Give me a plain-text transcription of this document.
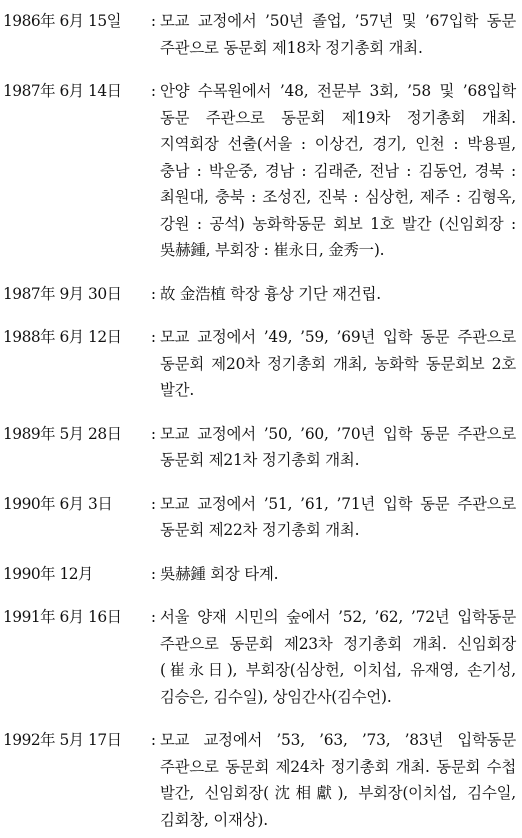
1986年 6月 15일	: 모교 교정에서 ’50년 졸업, ’57년 및 ’67입학 동문 주관으로 동문회 제18차 정기총회 개최.
1987年 6月 14日	: 안양 수목원에서 ’48, 전문부 3회, ’58 및 ’68입학 동문 주관으로 동문회 제19차 정기총회 개최. 지역회장 선출(서울 : 이상건, 경기, 인천 : 박용필, 충남 : 박운중, 경남 : 김래준, 전남 : 김동언, 경북 : 최원대, 충북 : 조성진, 진북 : 심상헌, 제주 : 김형옥, 강원 : 공석) 농화학동문 회보 1호 발간 (신임회장 : 吳赫鍾, 부회장 : 崔永日, 金秀一).
1987年 9月 30日	: 故 金浩植 학장 흉상 기단 재건립.
1988年 6月 12日	: 모교 교정에서 ’49, ’59, ’69년 입학 동문 주관으로 동문회 제20차 정기총회 개최, 농화학 동문회보 2호 발간.
1989年 5月 28日	: 모교 교정에서 ’50, ’60, ’70년 입학 동문 주관으로 동문회 제21차 정기총회 개최.
1990年 6月 3日	: 모교 교정에서 ’51, ’61, ’71년 입학 동문 주관으로 동문회 제22차 정기총회 개최.
1990年 12月	: 吳赫鍾 회장 타계.
1991年 6月 16日	: 서울 양재 시민의 숲에서 ’52, ’62, ’72년 입학동문 주관으로 동문회 제23차 정기총회 개최. 신임회장(崔永日), 부회장(심상헌, 이치섭, 유재영, 손기성, 김승은, 김수일), 상임간사(김수언).
1992年 5月 17日	: 모교 교정에서 ’53, ’63, ’73, ’83년 입학동문 주관으로 동문회 제24차 정기총회 개최. 동문회 수첩 발간, 신임회장(沈相獻), 부회장(이치섭, 김수일, 김회창, 이재상).
